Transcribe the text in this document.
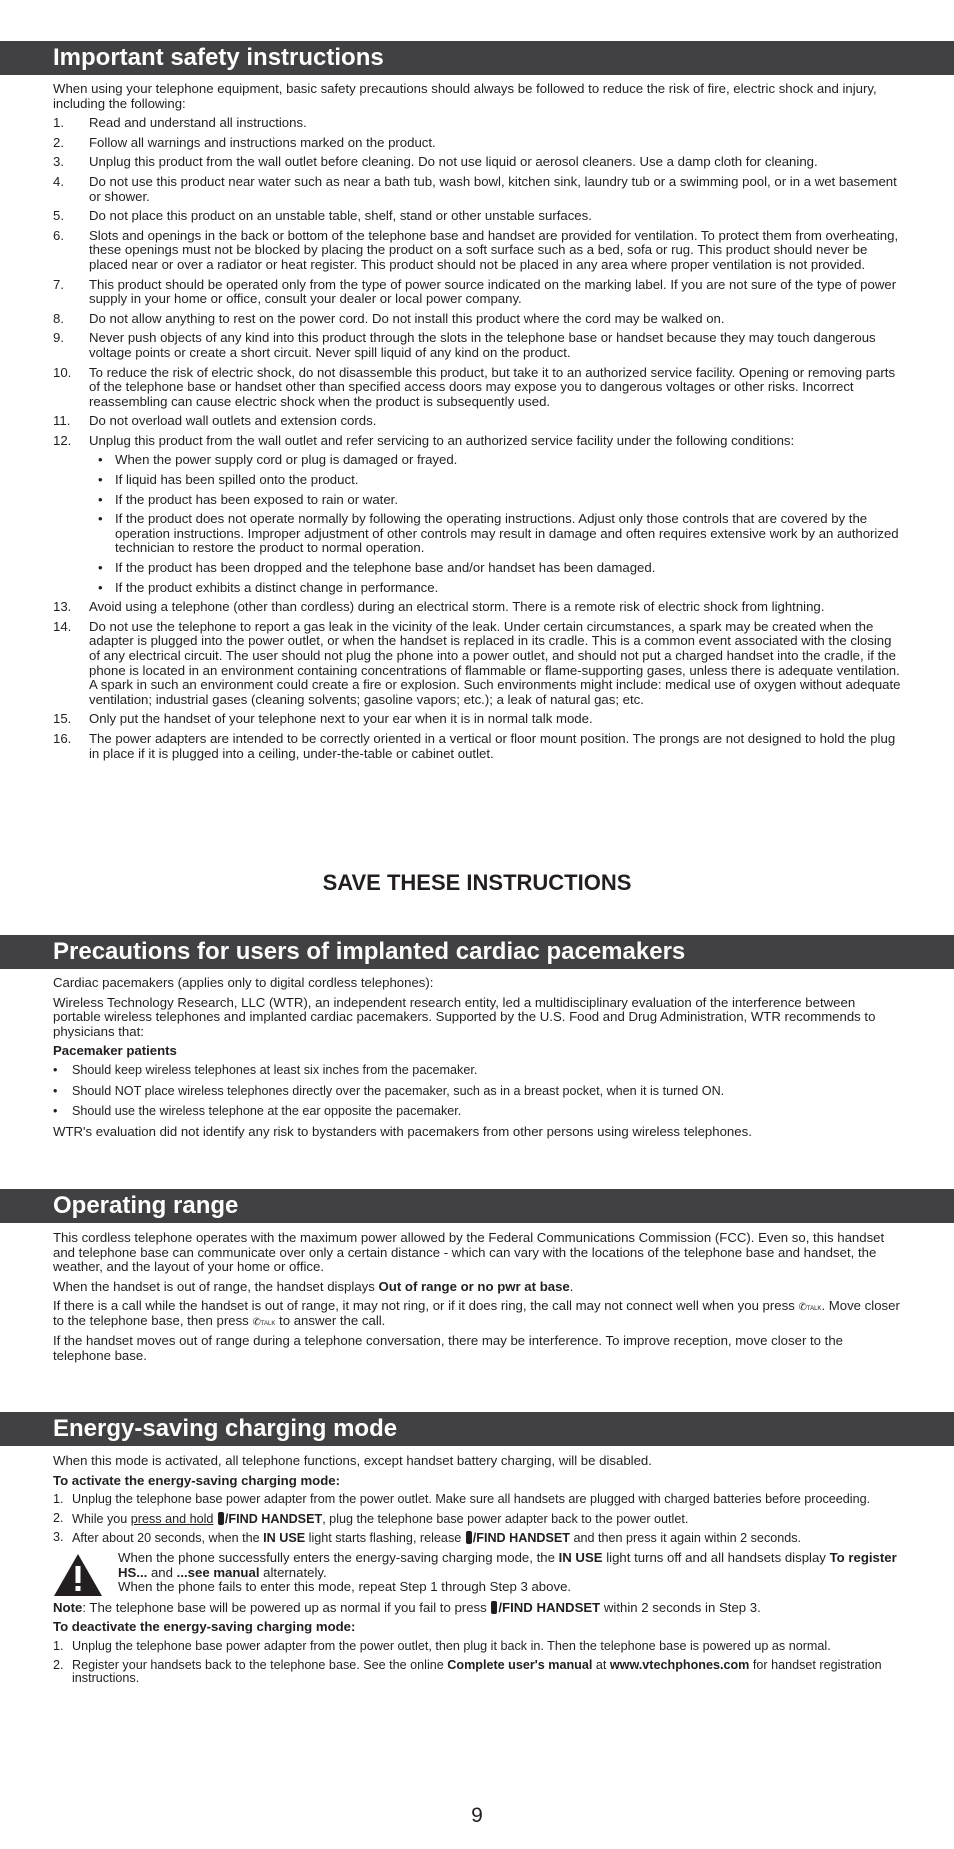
Important safety instructions

When using your telephone equipment, basic safety precautions should always be followed to reduce the risk of fire, electric shock and injury, including the following:

1. Read and understand all instructions.
2. Follow all warnings and instructions marked on the product.
3. Unplug this product from the wall outlet before cleaning. Do not use liquid or aerosol cleaners. Use a damp cloth for cleaning.
4. Do not use this product near water such as near a bath tub, wash bowl, kitchen sink, laundry tub or a swimming pool, or in a wet basement or shower.
5. Do not place this product on an unstable table, shelf, stand or other unstable surfaces.
6. Slots and openings in the back or bottom of the telephone base and handset are provided for ventilation. To protect them from overheating, these openings must not be blocked by placing the product on a soft surface such as a bed, sofa or rug. This product should never be placed near or over a radiator or heat register. This product should not be placed in any area where proper ventilation is not provided.
7. This product should be operated only from the type of power source indicated on the marking label. If you are not sure of the type of power supply in your home or office, consult your dealer or local power company.
8. Do not allow anything to rest on the power cord. Do not install this product where the cord may be walked on.
9. Never push objects of any kind into this product through the slots in the telephone base or handset because they may touch dangerous voltage points or create a short circuit. Never spill liquid of any kind on the product.
10. To reduce the risk of electric shock, do not disassemble this product, but take it to an authorized service facility. Opening or removing parts of the telephone base or handset other than specified access doors may expose you to dangerous voltages or other risks. Incorrect reassembling can cause electric shock when the product is subsequently used.
11. Do not overload wall outlets and extension cords.
12. Unplug this product from the wall outlet and refer servicing to an authorized service facility under the following conditions:
• When the power supply cord or plug is damaged or frayed.
• If liquid has been spilled onto the product.
• If the product has been exposed to rain or water.
• If the product does not operate normally by following the operating instructions. Adjust only those controls that are covered by the operation instructions. Improper adjustment of other controls may result in damage and often requires extensive work by an authorized technician to restore the product to normal operation.
• If the product has been dropped and the telephone base and/or handset has been damaged.
• If the product exhibits a distinct change in performance.
13. Avoid using a telephone (other than cordless) during an electrical storm. There is a remote risk of electric shock from lightning.
14. Do not use the telephone to report a gas leak in the vicinity of the leak. Under certain circumstances, a spark may be created when the adapter is plugged into the power outlet, or when the handset is replaced in its cradle. This is a common event associated with the closing of any electrical circuit. The user should not plug the phone into a power outlet, and should not put a charged handset into the cradle, if the phone is located in an environment containing concentrations of flammable or flame-supporting gases, unless there is adequate ventilation. A spark in such an environment could create a fire or explosion. Such environments might include: medical use of oxygen without adequate ventilation; industrial gases (cleaning solvents; gasoline vapors; etc.); a leak of natural gas; etc.
15. Only put the handset of your telephone next to your ear when it is in normal talk mode.
16. The power adapters are intended to be correctly oriented in a vertical or floor mount position. The prongs are not designed to hold the plug in place if it is plugged into a ceiling, under-the-table or cabinet outlet.
SAVE THESE INSTRUCTIONS
Precautions for users of implanted cardiac pacemakers

Cardiac pacemakers (applies only to digital cordless telephones):

Wireless Technology Research, LLC (WTR), an independent research entity, led a multidisciplinary evaluation of the interference between portable wireless telephones and implanted cardiac pacemakers. Supported by the U.S. Food and Drug Administration, WTR recommends to physicians that:

Pacemaker patients

• Should keep wireless telephones at least six inches from the pacemaker.
• Should NOT place wireless telephones directly over the pacemaker, such as in a breast pocket, when it is turned ON.
• Should use the wireless telephone at the ear opposite the pacemaker.

WTR's evaluation did not identify any risk to bystanders with pacemakers from other persons using wireless telephones.

Operating range

This cordless telephone operates with the maximum power allowed by the Federal Communications Commission (FCC). Even so, this handset and telephone base can communicate over only a certain distance - which can vary with the locations of the telephone base and handset, the weather, and the layout of your home or office.

When the handset is out of range, the handset displays Out of range or no pwr at base.

If there is a call while the handset is out of range, it may not ring, or if it does ring, the call may not connect well when you press ✆TALK. Move closer to the telephone base, then press ✆TALK to answer the call.

If the handset moves out of range during a telephone conversation, there may be interference. To improve reception, move closer to the telephone base.

Energy-saving charging mode

When this mode is activated, all telephone functions, except handset battery charging, will be disabled.

To activate the energy-saving charging mode:

1. Unplug the telephone base power adapter from the power outlet. Make sure all handsets are plugged with charged batteries before proceeding.
2. While you press and hold /FIND HANDSET, plug the telephone base power adapter back to the power outlet.
3. After about 20 seconds, when the IN USE light starts flashing, release /FIND HANDSET and then press it again within 2 seconds.
When the phone successfully enters the energy-saving charging mode, the IN USE light turns off and all handsets display To register HS... and ...see manual alternately.
When the phone fails to enter this mode, repeat Step 1 through Step 3 above.

Note: The telephone base will be powered up as normal if you fail to press /FIND HANDSET within 2 seconds in Step 3.

To deactivate the energy-saving charging mode:

1. Unplug the telephone base power adapter from the power outlet, then plug it back in. Then the telephone base is powered up as normal.
2. Register your handsets back to the telephone base. See the online Complete user's manual at www.vtechphones.com for handset registration instructions.
9
